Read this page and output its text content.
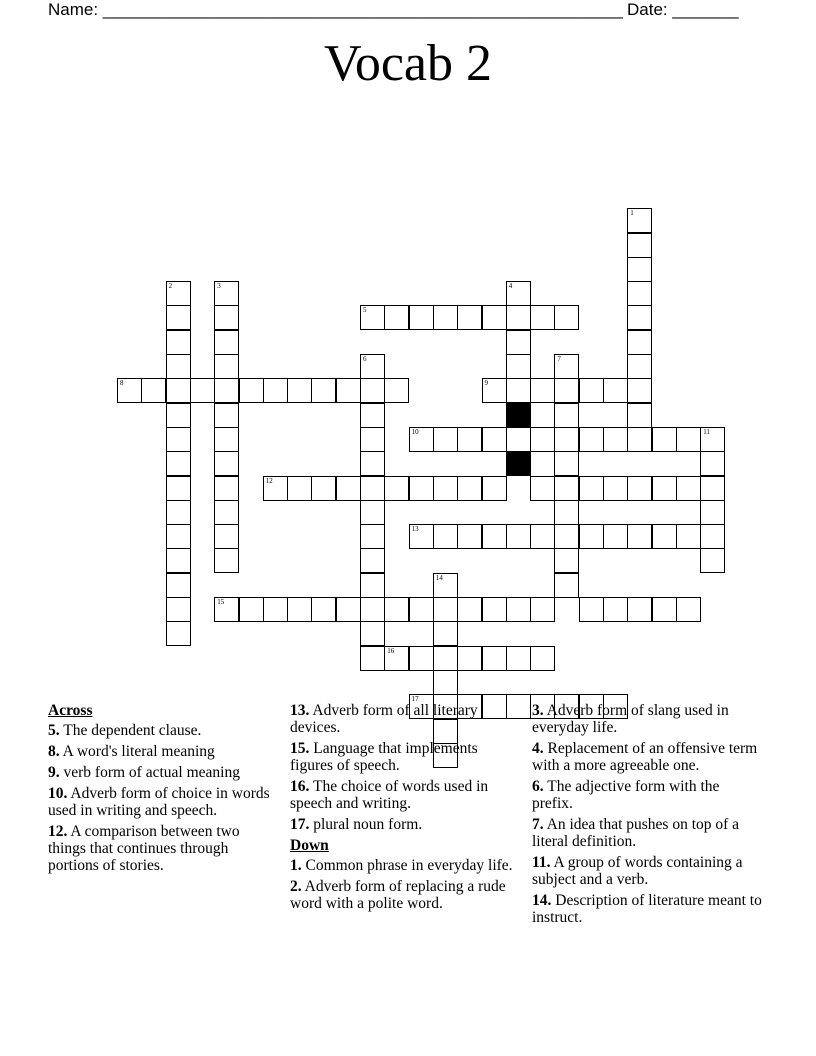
Name: _______________________________________________________ Date: _______
Vocab 2
1
2	3	4
5
6	7
8	9
10	11
12
13
14
15
16
17
Across
5. The dependent clause.
8. A word's literal meaning
9. verb form of actual meaning
10. Adverb form of choice in words used in writing and speech.
12. A comparison between two things that continues through portions of stories.
13. Adverb form of all literary devices.
15. Language that implements figures of speech.
16. The choice of words used in speech and writing.
17. plural noun form.
Down
1. Common phrase in everyday life.
2. Adverb form of replacing a rude word with a polite word.
3. Adverb form of slang used in everyday life.
4. Replacement of an offensive term with a more agreeable one.
6. The adjective form with the prefix.
7. An idea that pushes on top of a literal definition.
11. A group of words containing a subject and a verb.
14. Description of literature meant to instruct.
